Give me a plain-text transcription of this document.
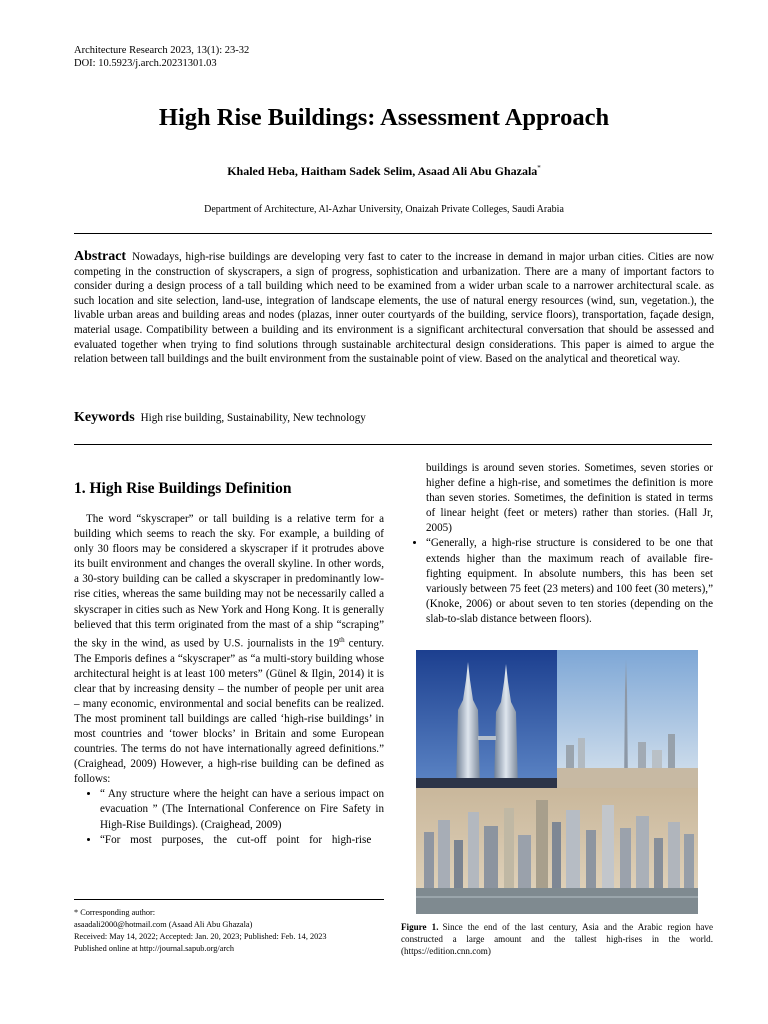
Architecture Research 2023, 13(1): 23-32
DOI: 10.5923/j.arch.20231301.03
High Rise Buildings: Assessment Approach
Khaled Heba, Haitham Sadek Selim, Asaad Ali Abu Ghazala*
Department of Architecture, Al-Azhar University, Onaizah Private Colleges, Saudi Arabia
Abstract Nowadays, high-rise buildings are developing very fast to cater to the increase in demand in major urban cities. Cities are now competing in the construction of skyscrapers, a sign of progress, sophistication and urbanization. There are a many of important factors to consider during a design process of a tall building which need to be examined from a wider urban scale to a narrower architectural scale. as such location and site selection, land-use, integration of landscape elements, the use of natural energy resources (wind, sun, vegetation.), the livable urban areas and building areas and nodes (plazas, inner outer courtyards of the building, service floors), transportation, façade design, material usage. Compatibility between a building and its environment is a significant architectural conversation that should be assessed and evaluated together when trying to find solutions through sustainable architectural design considerations. This paper is aimed to argue the relation between tall buildings and the built environment from the sustainable point of view. Based on the analytical and theoretical way.
Keywords High rise building, Sustainability, New technology
1. High Rise Buildings Definition

The word “skyscraper” or tall building is a relative term for a building which seems to reach the sky. For example, a building of only 30 floors may be considered a skyscraper if it protrudes above its built environment and changes the overall skyline. In other words, a 30-story building can be called a skyscraper in predominantly low-rise cities, whereas the same building may not be necessarily called a skyscraper in cities such as New York and Hong Kong. It is generally believed that this term originated from the mast of a ship “scraping” the sky in the wind, as used by U.S. journalists in the 19th century. The Emporis defines a “skyscraper” as “a multi-story building whose architectural height is at least 100 meters” (Günel & Ilgin, 2014) it is clear that by increasing density – the number of people per unit area – many economic, environmental and social benefits can be realized. The most prominent tall buildings are called ‘high-rise buildings’ in most countries and ‘tower blocks’ in Britain and some European countries. The terms do not have internationally agreed definitions.” (Craighead, 2009) However, a high-rise building can be defined as follows:

• “ Any structure where the height can have a serious impact on evacuation ” (The International Conference on Fire Safety in High-Rise Buildings). (Craighead, 2009)
• “For most purposes, the cut-off point for high-rise

buildings is around seven stories. Sometimes, seven stories or higher define a high-rise, and sometimes the definition is more than seven stories. Sometimes, the definition is stated in terms of linear height (feet or meters) rather than stories. (Hall Jr, 2005)

• “Generally, a high-rise structure is considered to be one that extends higher than the maximum reach of available fire-fighting equipment. In absolute numbers, this has been set variously between 75 feet (23 meters) and 100 feet (30 meters),” (Knoke, 2006) or about seven to ten stories (depending on the slab-to-slab distance between floors).
* Corresponding author:
asaadali2000@hotmail.com (Asaad Ali Abu Ghazala)
Received: May 14, 2022; Accepted: Jan. 20, 2023; Published: Feb. 14, 2023
Published online at http://journal.sapub.org/arch
Figure 1. Since the end of the last century, Asia and the Arabic region have constructed a large amount and the tallest high-rises in the world. (https://edition.cnn.com)
